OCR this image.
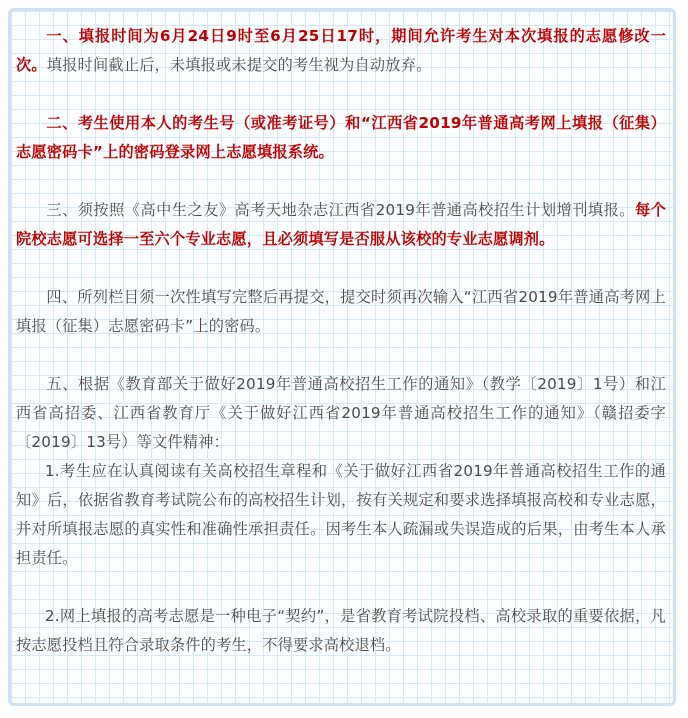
一、填报时间为6月24日9时至6月25日17时，期间允许考生对本次填报的志愿修改一次。填报时间截止后，未填报或未提交的考生视为自动放弃。

二、考生使用本人的考生号（或准考证号）和“江西省2019年普通高考网上填报（征集）志愿密码卡”上的密码登录网上志愿填报系统。

三、须按照《高中生之友》高考天地杂志江西省2019年普通高校招生计划增刊填报。每个院校志愿可选择一至六个专业志愿，且必须填写是否服从该校的专业志愿调剂。

四、所列栏目须一次性填写完整后再提交，提交时须再次输入“江西省2019年普通高考网上填报（征集）志愿密码卡”上的密码。

五、根据《教育部关于做好2019年普通高校招生工作的通知》（教学〔2019〕1号）和江西省高招委、江西省教育厅《关于做好江西省2019年普通高校招生工作的通知》（赣招委字〔2019〕13号）等文件精神：

1.考生应在认真阅读有关高校招生章程和《关于做好江西省2019年普通高校招生工作的通知》后，依据省教育考试院公布的高校招生计划，按有关规定和要求选择填报高校和专业志愿，并对所填报志愿的真实性和准确性承担责任。因考生本人疏漏或失误造成的后果，由考生本人承担责任。

2.网上填报的高考志愿是一种电子“契约”，是省教育考试院投档、高校录取的重要依据，凡按志愿投档且符合录取条件的考生，不得要求高校退档。
